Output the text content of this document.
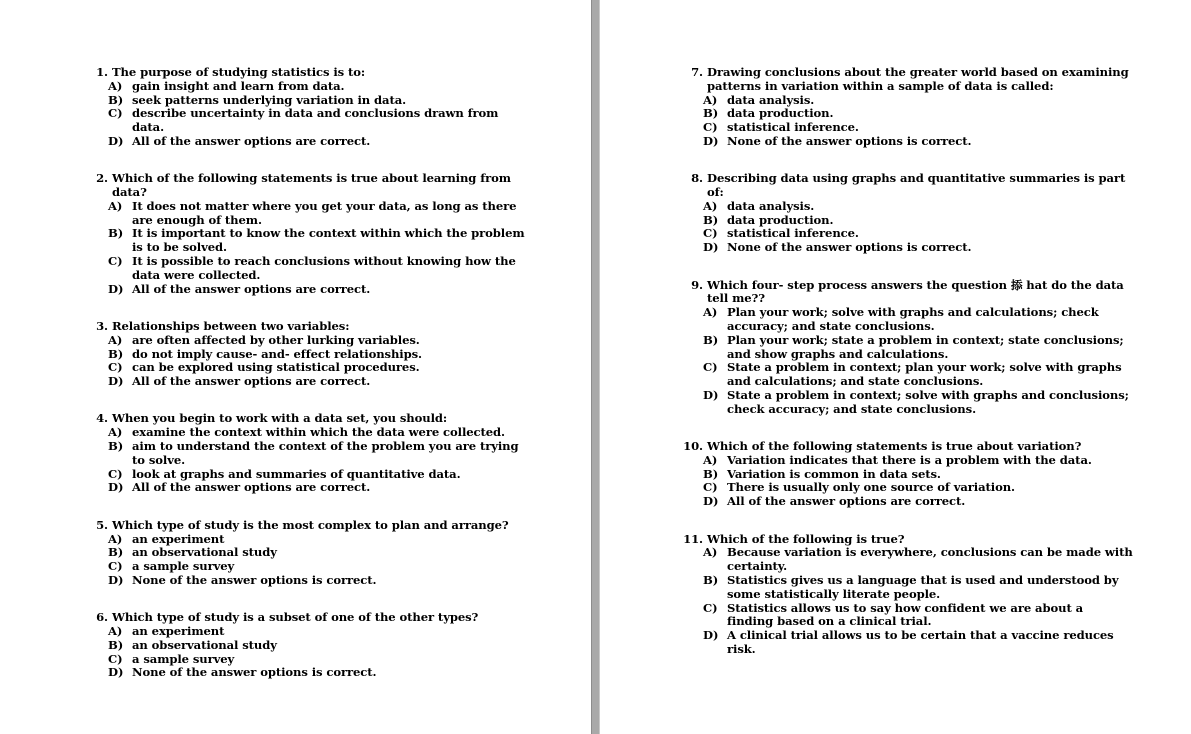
1. The purpose of studying statistics is to:
A) gain insight and learn from data.
B) seek patterns underlying variation in data.
C) describe uncertainty in data and conclusions drawn from data.
D) All of the answer options are correct.
2. Which of the following statements is true about learning from data?
A) It does not matter where you get your data, as long as there are enough of them.
B) It is important to know the context within which the problem is to be solved.
C) It is possible to reach conclusions without knowing how the data were collected.
D) All of the answer options are correct.
3. Relationships between two variables:
A) are often affected by other lurking variables.
B) do not imply cause- and- effect relationships.
C) can be explored using statistical procedures.
D) All of the answer options are correct.
4. When you begin to work with a data set, you should:
A) examine the context within which the data were collected.
B) aim to understand the context of the problem you are trying to solve.
C) look at graphs and summaries of quantitative data.
D) All of the answer options are correct.
5. Which type of study is the most complex to plan and arrange?
A) an experiment
B) an observational study
C) a sample survey
D) None of the answer options is correct.
6. Which type of study is a subset of one of the other types?
A) an experiment
B) an observational study
C) a sample survey
D) None of the answer options is correct.
7. Drawing conclusions about the greater world based on examining patterns in variation within a sample of data is called:
A) data analysis.
B) data production.
C) statistical inference.
D) None of the answer options is correct.
8. Describing data using graphs and quantitative summaries is part of:
A) data analysis.
B) data production.
C) statistical inference.
D) None of the answer options is correct.
9. Which four- step process answers the question 掭 hat do the data tell me??
A) Plan your work; solve with graphs and calculations; check accuracy; and state conclusions.
B) Plan your work; state a problem in context; state conclusions; and show graphs and calculations.
C) State a problem in context; plan your work; solve with graphs and calculations; and state conclusions.
D) State a problem in context; solve with graphs and conclusions; check accuracy; and state conclusions.
10. Which of the following statements is true about variation?
A) Variation indicates that there is a problem with the data.
B) Variation is common in data sets.
C) There is usually only one source of variation.
D) All of the answer options are correct.
11. Which of the following is true?
A) Because variation is everywhere, conclusions can be made with certainty.
B) Statistics gives us a language that is used and understood by some statistically literate people.
C) Statistics allows us to say how confident we are about a finding based on a clinical trial.
D) A clinical trial allows us to be certain that a vaccine reduces risk.
